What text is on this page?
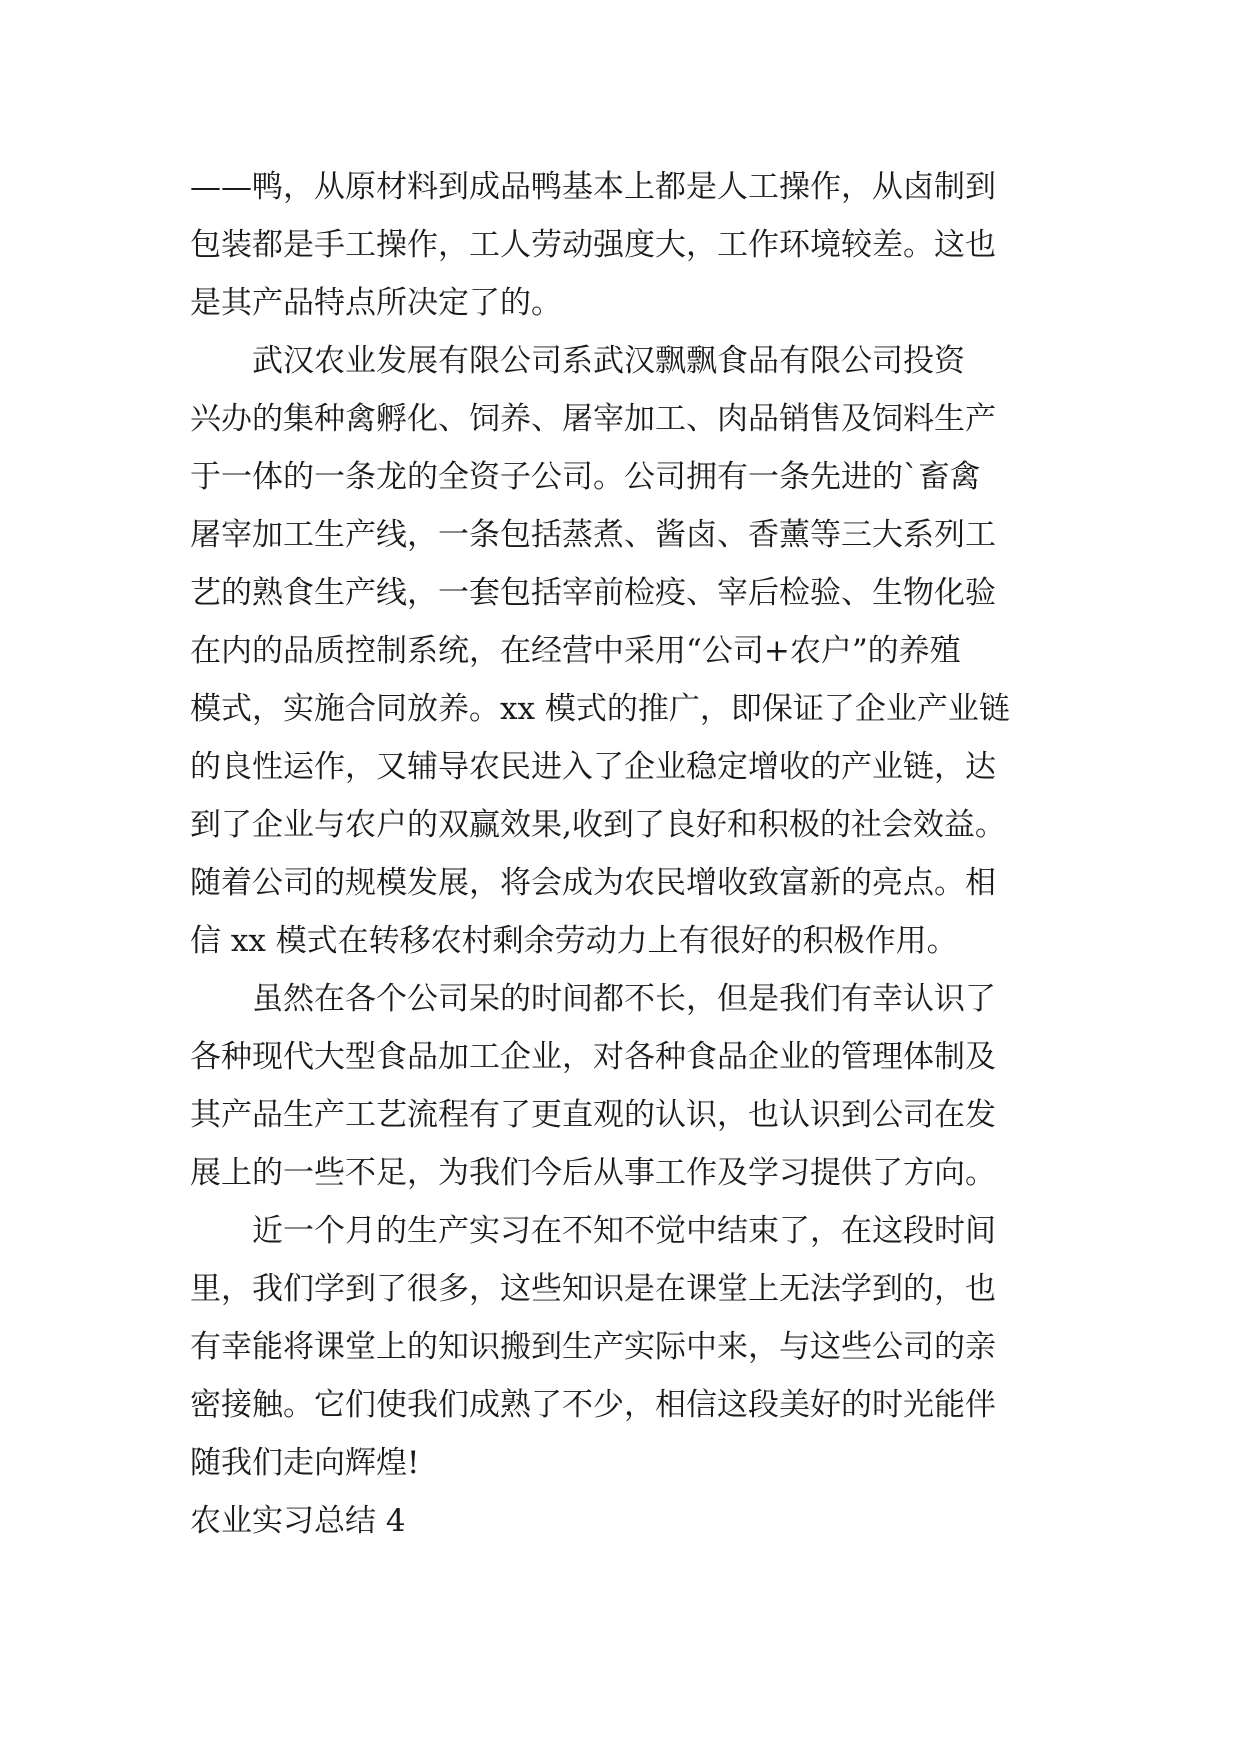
——鸭，从原材料到成品鸭基本上都是人工操作，从卤制到
包装都是手工操作，工人劳动强度大，工作环境较差。这也
是其产品特点所决定了的。
　　武汉农业发展有限公司系武汉飘飘食品有限公司投资
兴办的集种禽孵化、饲养、屠宰加工、肉品销售及饲料生产
于一体的一条龙的全资子公司。公司拥有一条先进的`畜禽
屠宰加工生产线，一条包括蒸煮、酱卤、香薰等三大系列工
艺的熟食生产线，一套包括宰前检疫、宰后检验、生物化验
在内的品质控制系统，在经营中采用“公司+农户”的养殖
模式，实施合同放养。xx 模式的推广，即保证了企业产业链
的良性运作，又辅导农民进入了企业稳定增收的产业链，达
到了企业与农户的双赢效果,收到了良好和积极的社会效益。
随着公司的规模发展，将会成为农民增收致富新的亮点。相
信 xx 模式在转移农村剩余劳动力上有很好的积极作用。
　　虽然在各个公司呆的时间都不长，但是我们有幸认识了
各种现代大型食品加工企业，对各种食品企业的管理体制及
其产品生产工艺流程有了更直观的认识，也认识到公司在发
展上的一些不足，为我们今后从事工作及学习提供了方向。
　　近一个月的生产实习在不知不觉中结束了，在这段时间
里，我们学到了很多，这些知识是在课堂上无法学到的，也
有幸能将课堂上的知识搬到生产实际中来，与这些公司的亲
密接触。它们使我们成熟了不少，相信这段美好的时光能伴
随我们走向辉煌!
农业实习总结 4
